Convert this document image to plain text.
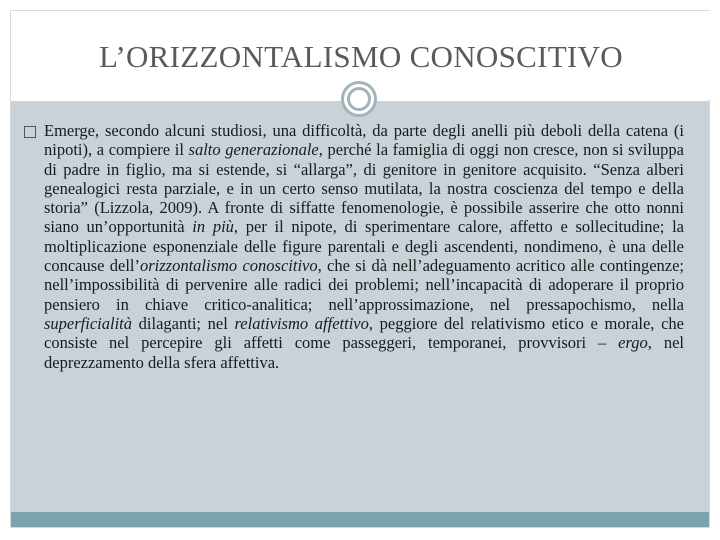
L’ORIZZONTALISMO CONOSCITIVO

Emerge, secondo alcuni studiosi, una difficoltà, da parte degli anelli più deboli della catena (i nipoti), a compiere il salto generazionale, perché la famiglia di oggi non cresce, non si sviluppa di padre in figlio, ma si estende, si “allarga”, di genitore in genitore acquisito. “Senza alberi genealogici resta parziale, e in un certo senso mutilata, la nostra coscienza del tempo e della storia” (Lizzola, 2009). A fronte di siffatte fenomenologie, è possibile asserire che otto nonni siano un’opportunità in più, per il nipote, di sperimentare calore, affetto e sollecitudine; la moltiplicazione esponenziale delle figure parentali e degli ascendenti, nondimeno, è una delle concause dell’orizzontalismo conoscitivo, che si dà nell’adeguamento acritico alle contingenze; nell’impossibilità di pervenire alle radici dei problemi; nell’incapacità di adoperare il proprio pensiero in chiave critico-analitica; nell’approssimazione, nel pressapochismo, nella superficialità dilaganti; nel relativismo affettivo, peggiore del relativismo etico e morale, che consiste nel percepire gli affetti come passeggeri, temporanei, provvisori – ergo, nel deprezzamento della sfera affettiva.
